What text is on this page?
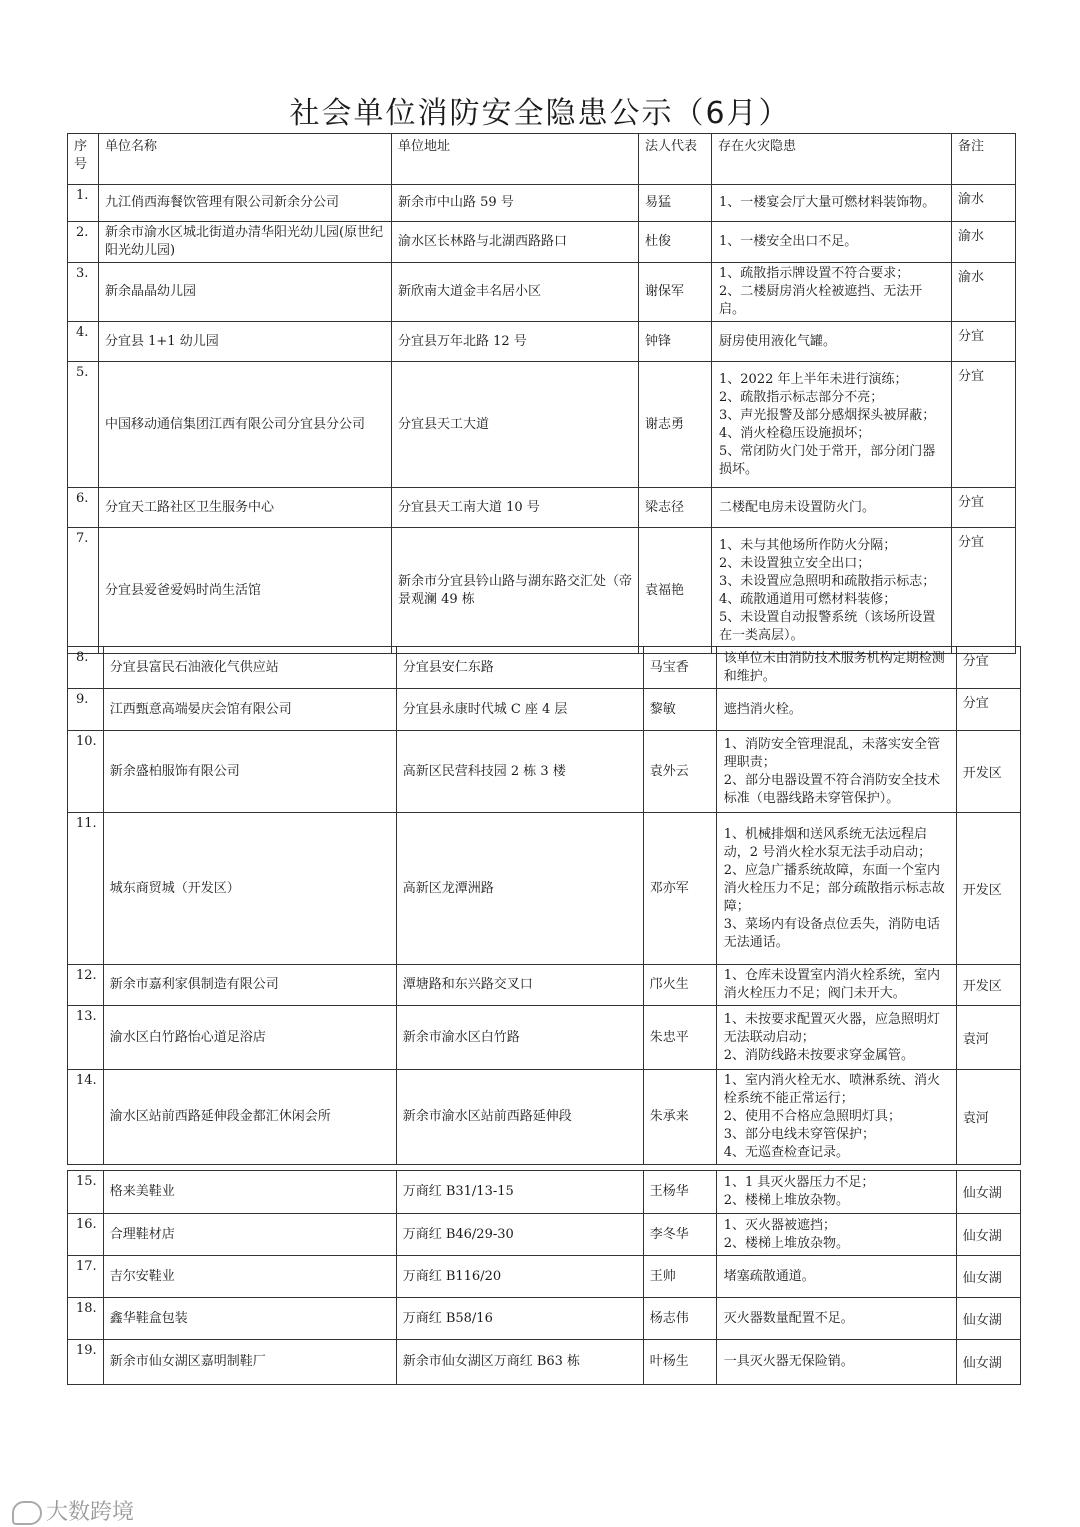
社会单位消防安全隐患公示（6月）
序号	单位名称	单位地址	法人代表	存在火灾隐患	备注
1.	九江俏西海餐饮管理有限公司新余分公司	新余市中山路 59 号	易猛	1、一楼宴会厅大量可燃材料装饰物。	渝水
2.	新余市渝水区城北街道办清华阳光幼儿园(原世纪阳光幼儿园)	渝水区长林路与北湖西路路口	杜俊	1、一楼安全出口不足。	渝水
3.	新余晶晶幼儿园	新欣南大道金丰名居小区	谢保军	1、疏散指示牌设置不符合要求；
2、二楼厨房消火栓被遮挡、无法开启。	渝水
4.	分宜县 1+1 幼儿园	分宜县万年北路 12 号	钟锋	厨房使用液化气罐。	分宜
5.	中国移动通信集团江西有限公司分宜县分公司	分宜县天工大道	谢志勇	1、2022 年上半年未进行演练；
2、疏散指示标志部分不亮；
3、声光报警及部分感烟探头被屏蔽；
4、消火栓稳压设施损坏；
5、常闭防火门处于常开，部分闭门器损坏。	分宜
6.	分宜天工路社区卫生服务中心	分宜县天工南大道 10 号	梁志径	二楼配电房未设置防火门。	分宜
7.	分宜县爱爸爱妈时尚生活馆	新余市分宜县钤山路与湖东路交汇处（帝景观澜 49 栋	袁福艳	1、未与其他场所作防火分隔；
2、未设置独立安全出口；
3、未设置应急照明和疏散指示标志；
4、疏散通道用可燃材料装修；
5、未设置自动报警系统（该场所设置在一类高层）。	分宜
8.	分宜县富民石油液化气供应站	分宜县安仁东路	马宝香	该单位未由消防技术服务机构定期检测和维护。	分宜
9.	江西甄意高端晏庆会馆有限公司	分宜县永康时代城 C 座 4 层	黎敏	遮挡消火栓。	分宜
10.	新余盛柏服饰有限公司	高新区民营科技园 2 栋 3 楼	袁外云	1、消防安全管理混乱，未落实安全管理职责；
2、部分电器设置不符合消防安全技术标准（电器线路未穿管保护）。	开发区
11.	城东商贸城（开发区）	高新区龙潭洲路	邓亦军	1、机械排烟和送风系统无法远程启动，2 号消火栓水泵无法手动启动；
2、应急广播系统故障，东面一个室内消火栓压力不足；部分疏散指示标志故障；
3、菜场内有设备点位丢失，消防电话无法通话。	开发区
12.	新余市嘉利家俱制造有限公司	潭塘路和东兴路交叉口	邝火生	1、仓库未设置室内消火栓系统，室内消火栓压力不足；阀门未开大。	开发区
13.	渝水区白竹路怡心道足浴店	新余市渝水区白竹路	朱忠平	1、未按要求配置灭火器，应急照明灯无法联动启动；
2、消防线路未按要求穿金属管。	袁河
14.	渝水区站前西路延伸段金都汇休闲会所	新余市渝水区站前西路延伸段	朱承来	1、室内消火栓无水、喷淋系统、消火栓系统不能正常运行；
2、使用不合格应急照明灯具；
3、部分电线未穿管保护；
4、无巡查检查记录。	袁河
15.	格来美鞋业	万商红 B31/13-15	王杨华	1、1 具灭火器压力不足；
2、楼梯上堆放杂物。	仙女湖
16.	合理鞋材店	万商红 B46/29-30	李冬华	1、灭火器被遮挡；
2、楼梯上堆放杂物。	仙女湖
17.	吉尔安鞋业	万商红 B116/20	王帅	堵塞疏散通道。	仙女湖
18.	鑫华鞋盒包装	万商红 B58/16	杨志伟	灭火器数量配置不足。	仙女湖
19.	新余市仙女湖区嘉明制鞋厂	新余市仙女湖区万商红 B63 栋	叶杨生	一具灭火器无保险销。	仙女湖
大数跨境
